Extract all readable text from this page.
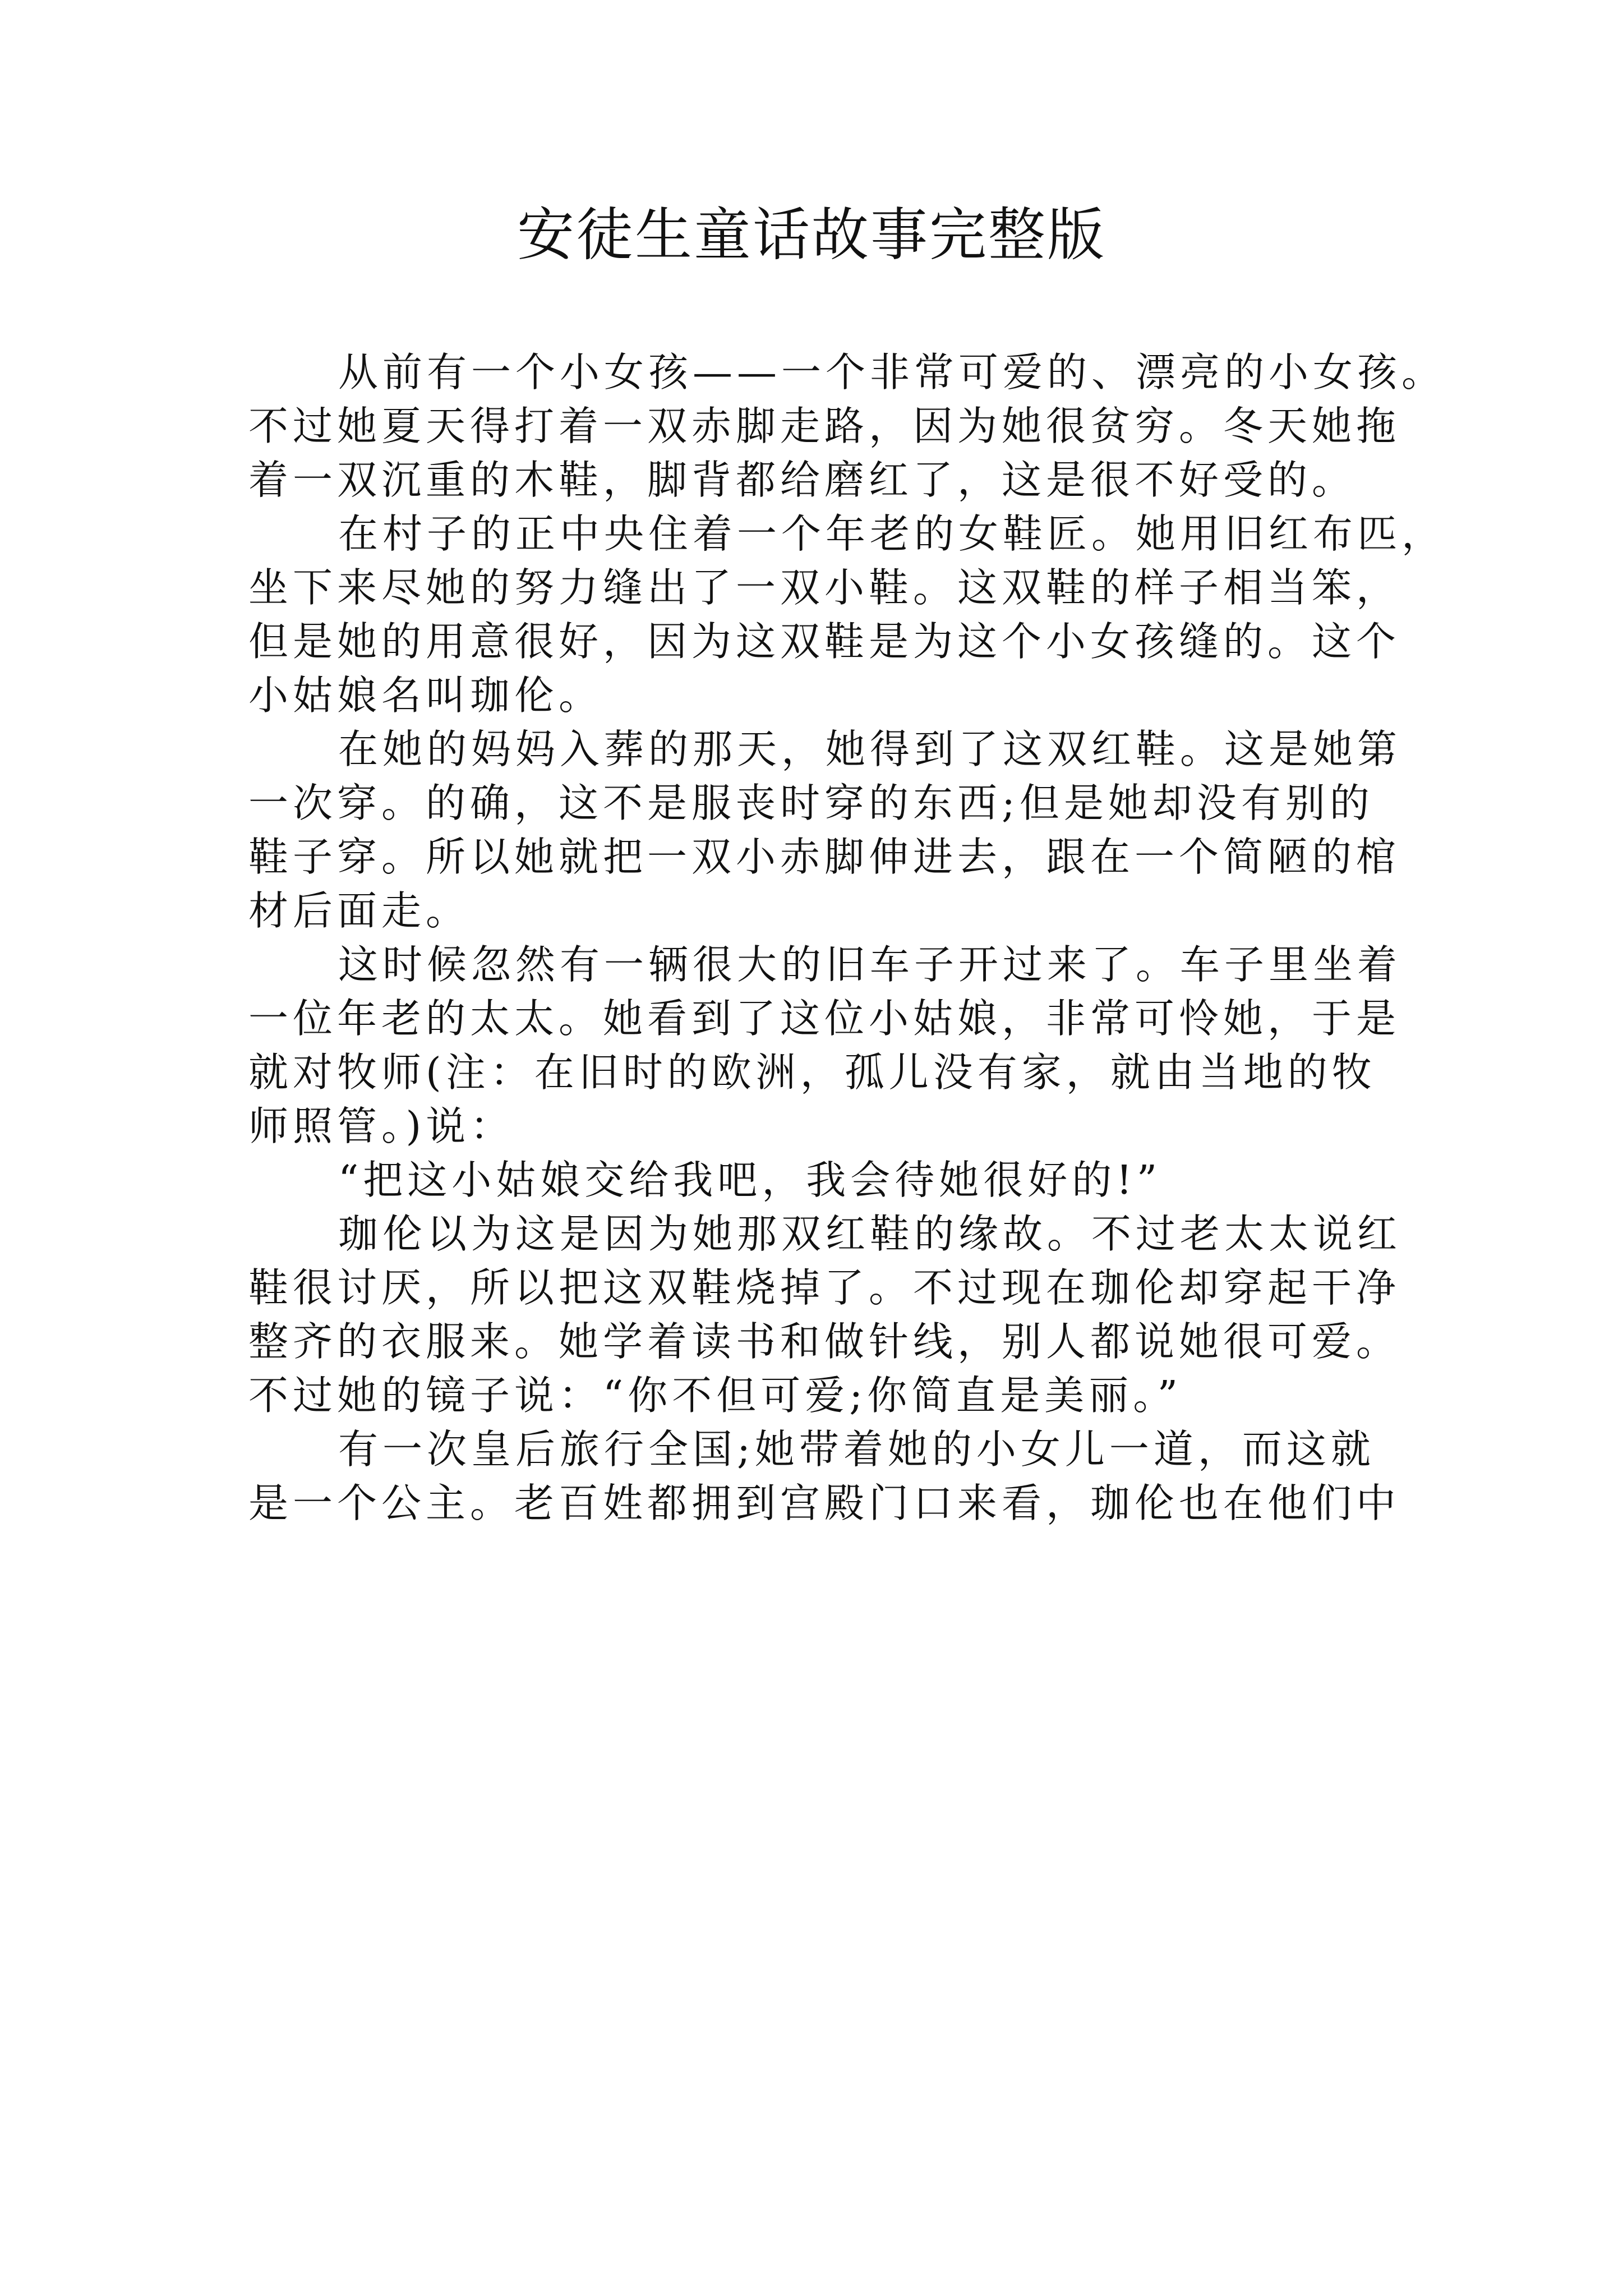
安徒生童话故事完整版

从前有一个小女孩——一个非常可爱的、漂亮的小女孩。

不过她夏天得打着一双赤脚走路，因为她很贫穷。冬天她拖

着一双沉重的木鞋，脚背都给磨红了，这是很不好受的。

在村子的正中央住着一个年老的女鞋匠。她用旧红布匹，

坐下来尽她的努力缝出了一双小鞋。这双鞋的样子相当笨，

但是她的用意很好，因为这双鞋是为这个小女孩缝的。这个

小姑娘名叫珈伦。

在她的妈妈入葬的那天，她得到了这双红鞋。这是她第

一次穿。的确，这不是服丧时穿的东西;但是她却没有别的

鞋子穿。所以她就把一双小赤脚伸进去，跟在一个简陋的棺

材后面走。

这时候忽然有一辆很大的旧车子开过来了。车子里坐着

一位年老的太太。她看到了这位小姑娘，非常可怜她，于是

就对牧师(注：在旧时的欧洲，孤儿没有家，就由当地的牧

师照管。)说：

“把这小姑娘交给我吧，我会待她很好的!”

珈伦以为这是因为她那双红鞋的缘故。不过老太太说红

鞋很讨厌，所以把这双鞋烧掉了。不过现在珈伦却穿起干净

整齐的衣服来。她学着读书和做针线，别人都说她很可爱。

不过她的镜子说：“你不但可爱;你简直是美丽。”

有一次皇后旅行全国;她带着她的小女儿一道，而这就

是一个公主。老百姓都拥到宫殿门口来看，珈伦也在他们中
